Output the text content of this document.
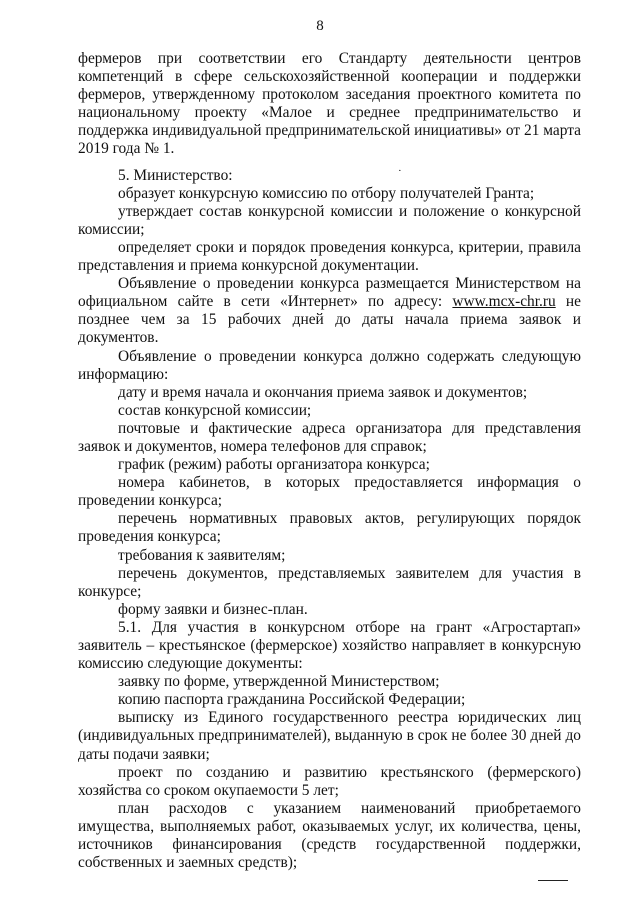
8
·

фермеров при соответствии его Стандарту деятельности центров компетенций в сфере сельскохозяйственной кооперации и поддержки фермеров, утвержденному протоколом заседания проектного комитета по национальному проекту «Малое и среднее предпринимательство и поддержка индивидуальной предпринимательской инициативы» от 21 марта 2019 года № 1.

5. Министерство:

образует конкурсную комиссию по отбору получателей Гранта;

утверждает состав конкурсной комиссии и положение о конкурсной комиссии;

определяет сроки и порядок проведения конкурса, критерии, правила представления и приема конкурсной документации.

Объявление о проведении конкурса размещается Министерством на официальном сайте в сети «Интернет» по адресу: www.mcx-chr.ru не позднее чем за 15 рабочих дней до даты начала приема заявок и документов.

Объявление о проведении конкурса должно содержать следующую информацию:

дату и время начала и окончания приема заявок и документов;

состав конкурсной комиссии;

почтовые и фактические адреса организатора для представления заявок и документов, номера телефонов для справок;

график (режим) работы организатора конкурса;

номера кабинетов, в которых предоставляется информация о проведении конкурса;

перечень нормативных правовых актов, регулирующих порядок проведения конкурса;

требования к заявителям;

перечень документов, представляемых заявителем для участия в конкурсе;

форму заявки и бизнес-план.

5.1. Для участия в конкурсном отборе на грант «Агростартап» заявитель – крестьянское (фермерское) хозяйство направляет в конкурсную комиссию следующие документы:

заявку по форме, утвержденной Министерством;

копию паспорта гражданина Российской Федерации;

выписку из Единого государственного реестра юридических лиц (индивидуальных предпринимателей), выданную в срок не более 30 дней до даты подачи заявки;

проект по созданию и развитию крестьянского (фермерского) хозяйства со сроком окупаемости 5 лет;

план расходов с указанием наименований приобретаемого имущества, выполняемых работ, оказываемых услуг, их количества, цены, источников финансирования (средств государственной поддержки, собственных и заемных средств);
